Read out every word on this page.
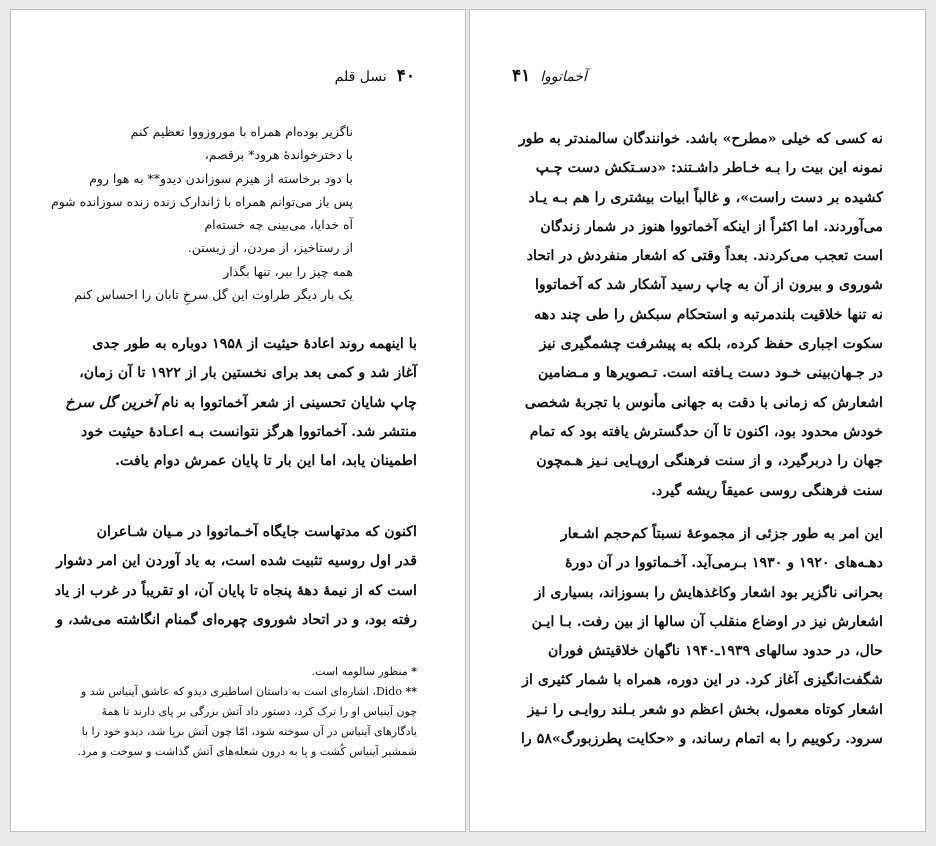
۴۰
نسل قلم
ناگزیر بوده‌ام همراه با موروزووا تعظیم کنم
با دخترخواندهٔ هرود* برقصم،
با دود برخاسته از هیزم سوزاندن دیدو** به هوا روم
پس باز می‌توانم همراه با ژاندارک زنده زنده سوزانده شوم
آه خدایا، می‌بینی چه خسته‌ام
از رستاخیز، از مردن، از زیستن.
همه چیز را ببر، تنها بگذار
یک بار دیگر طراوت این گل سرخِ تابان را احساس کنم
با اینهمه روند اعادهٔ حیثیت از ۱۹۵۸ دوباره به طور جدی
آغاز شد و کمی بعد برای نخستین بار از ۱۹۲۲ تا آن زمان،
چاپ شایان تحسینی از شعر آخماتووا به نام آخرین گل سرخ
منتشر شد. آخماتووا هرگز نتوانست بـه اعـادهٔ حیثیت خود
اطمینان یابد، اما این بار تا پایان عمرش دوام یافت.
اکنون که مدتهاست جایگاه آخـماتووا در مـیان شـاعران
قدر اول روسیه تثبیت شده است، به یاد آوردن این امر دشوار
است که از نیمهٔ دههٔ پنجاه تا پایان آن، او تقریباً در غرب از یاد
رفته بود، و در اتحاد شوروی چهره‌ای گمنام انگاشته می‌شد، و
* منظور سالومه است.
** Dido، اشاره‌ای است به داستان اساطیری دیدو که عاشق آینیاس شد و
چون آینیاس او را ترک کرد، دستور داد آتش بزرگی بر پای دارند تا همهٔ
یادگارهای آینیاس در آن سوخته شود، امّا چون آتش برپا شد، دیدو خود را با
شمشیر آینیاس کُشت و پا به درون شعله‌های آتش گذاشت و سوخت و مرد.
۴۱ آخماتووا
نه کسی که خیلی «مطرح» باشد. خوانندگان سالمندتر به طور
نمونه این بیت را بـه خـاطر داشـتند: «دسـتکش دست چـپ
کشیده بر دست راست»، و غالباً ابیات بیشتری را هم بـه یـاد
می‌آوردند. اما اکثراً از اینکه آخماتووا هنوز در شمار زندگان
است تعجب می‌کردند. بعداً وقتی که اشعار منفردش در اتحاد
شوروی و بیرون از آن به چاپ رسید آشکار شد که آخماتووا
نه تنها خلاقیت بلندمرتبه و استحکام سبکش را طی چند دهه
سکوت اجباری حفظ کرده، بلکه به پیشرفت چشمگیری نیز
در جـهان‌بینی خـود دست یـافته است. تـصویرها و مـضامین
اشعارش که زمانی با دقت به جهانی مأنوس با تجربهٔ شخصی
خودش محدود بود، اکنون تا آن حدگسترش یافته بود که تمام
جهان را دربرگیرد، و از سنت فرهنگی اروپـایی نـیز هـمچون
سنت فرهنگی روسی عمیقاً ریشه گیرد.
این امر به طور جزئی از مجموعهٔ نسبتاً کم‌حجم اشـعار
دهـه‌های ۱۹۲۰ و ۱۹۳۰ بـرمی‌آید. آخـماتووا در آن دورهٔ
بحرانی ناگزیر بود اشعار وکاغذهایش را بسوزاند، بسیاری از
اشعارش نیز در اوضاع منقلب آن سالها از بین رفت. بـا ایـن
حال، در حدود سالهای ۱۹۳۹ـ۱۹۴۰ ناگهان خلاقیتش فوران
شگفت‌انگیزی آغاز کرد. در این دوره، همراه با شمار کثیری از
اشعار کوتاه معمول، بخش اعظم دو شعر بـلند روایـی را نـیز
سرود. رکوییم را به اتمام رساند، و «حکایت پطرزبورگ»۵۸ را
